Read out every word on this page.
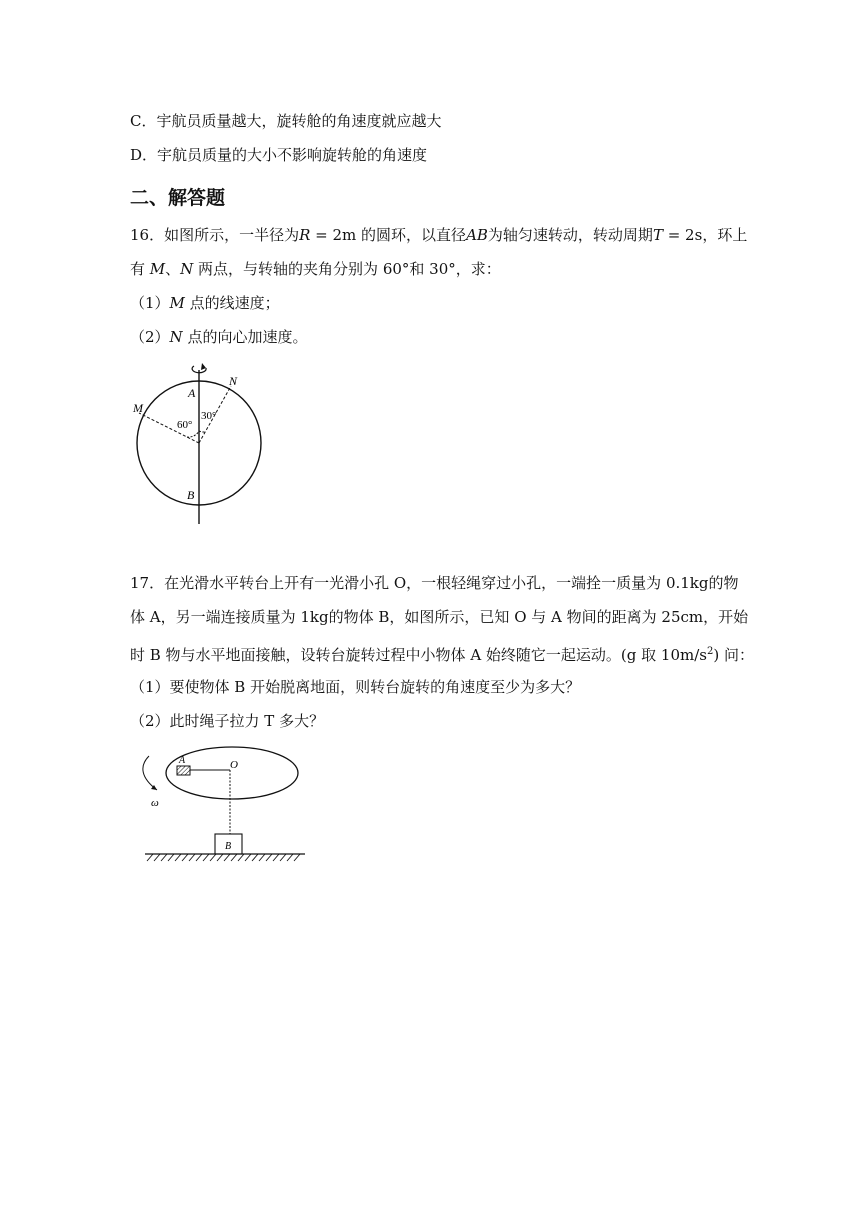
C．宇航员质量越大，旋转舱的角速度就应越大
D．宇航员质量的大小不影响旋转舱的角速度
二、解答题
16．如图所示，一半径为R = 2m 的圆环，以直径AB为轴匀速转动，转动周期T = 2s，环上
有 M、N 两点，与转轴的夹角分别为 60°和 30°，求：
（1）M 点的线速度；
（2）N 点的向心加速度。
A
B
M
N
60°
30°
17．在光滑水平转台上开有一光滑小孔 O，一根轻绳穿过小孔，一端拴一质量为 0.1kg的物
体 A，另一端连接质量为 1kg的物体 B，如图所示，已知 O 与 A 物间的距离为 25cm，开始
时 B 物与水平地面接触，设转台旋转过程中小物体 A 始终随它一起运动。(g 取 $10m/s^2$) 问：
（1）要使物体 B 开始脱离地面，则转台旋转的角速度至少为多大？
（2）此时绳子拉力 T 多大？
A	O
B
ω
